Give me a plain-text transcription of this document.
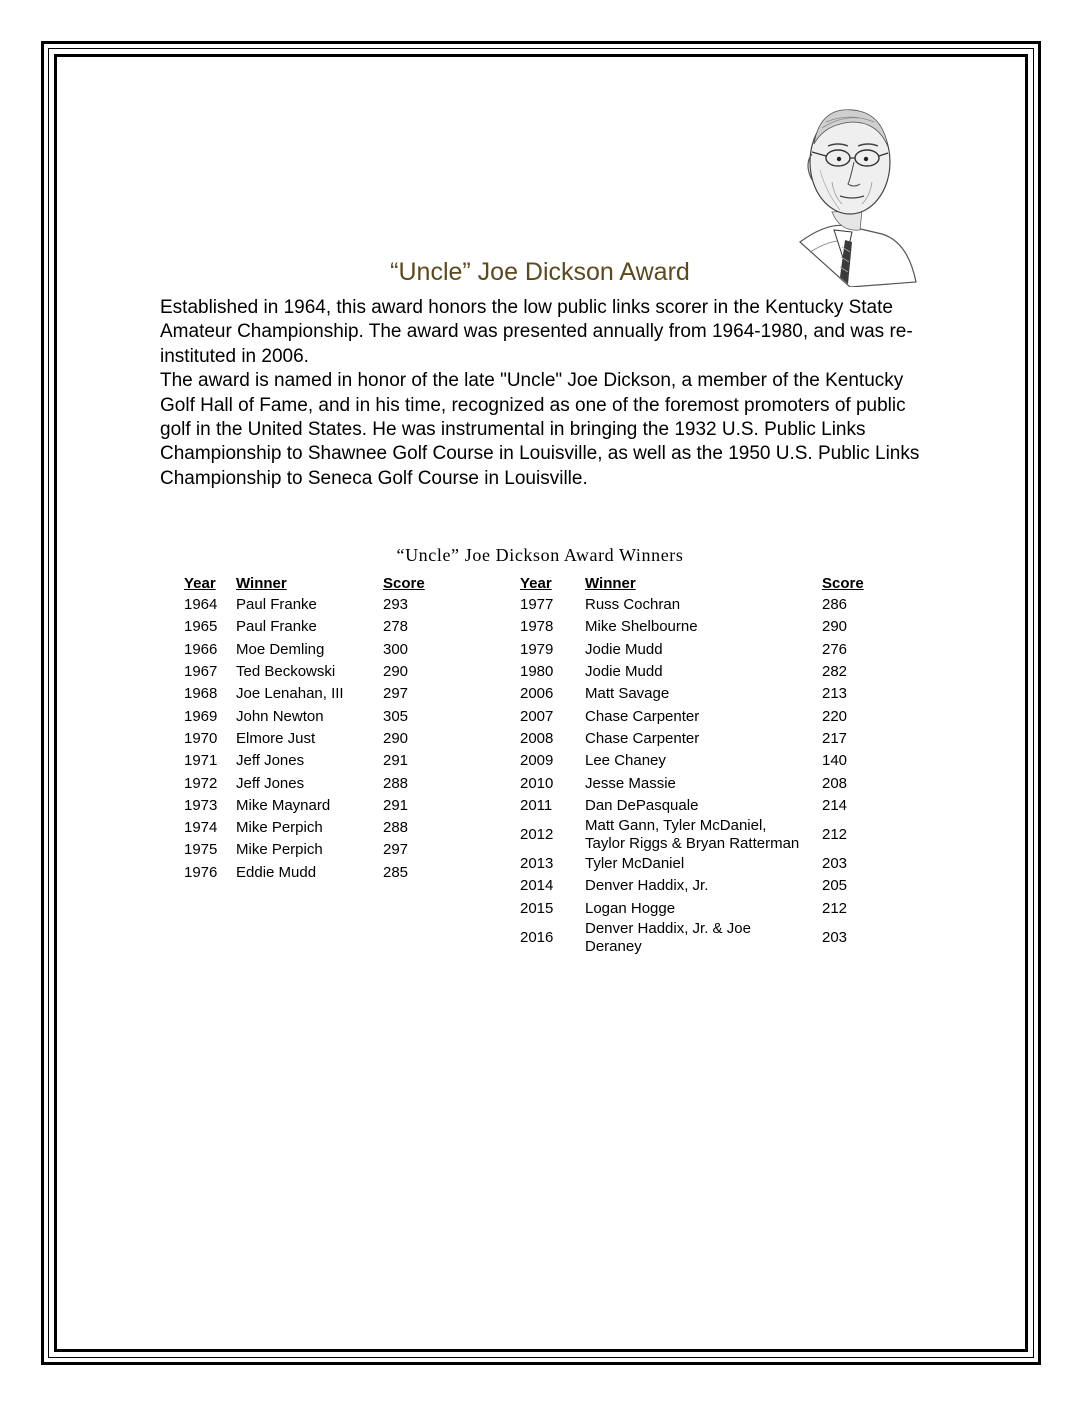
“Uncle” Joe Dickson Award

Established in 1964, this award honors the low public links scorer in the Kentucky State Amateur Championship. The award was presented annually from 1964-1980, and was re-instituted in 2006.

The award is named in honor of the late "Uncle" Joe Dickson, a member of the Kentucky Golf Hall of Fame, and in his time, recognized as one of the foremost promoters of public golf in the United States. He was instrumental in bringing the 1932 U.S. Public Links Championship to Shawnee Golf Course in Louisville, as well as the 1950 U.S. Public Links Championship to Seneca Golf Course in Louisville.

“Uncle” Joe Dickson Award Winners
Year	Winner	Score
1964	Paul Franke	293
1965	Paul Franke	278
1966	Moe Demling	300
1967	Ted Beckowski	290
1968	Joe Lenahan, III	297
1969	John Newton	305
1970	Elmore Just	290
1971	Jeff Jones	291
1972	Jeff Jones	288
1973	Mike Maynard	291
1974	Mike Perpich	288
1975	Mike Perpich	297
1976	Eddie Mudd	285
Year	Winner	Score
1977	Russ Cochran	286
1978	Mike Shelbourne	290
1979	Jodie Mudd	276
1980	Jodie Mudd	282
2006	Matt Savage	213
2007	Chase Carpenter	220
2008	Chase Carpenter	217
2009	Lee Chaney	140
2010	Jesse Massie	208
2011	Dan DePasquale	214
2012	Matt Gann, Tyler McDaniel,
Taylor Riggs & Bryan Ratterman	212
2013	Tyler McDaniel	203
2014	Denver Haddix, Jr.	205
2015	Logan Hogge	212
2016	Denver Haddix, Jr. & Joe
Deraney	203
